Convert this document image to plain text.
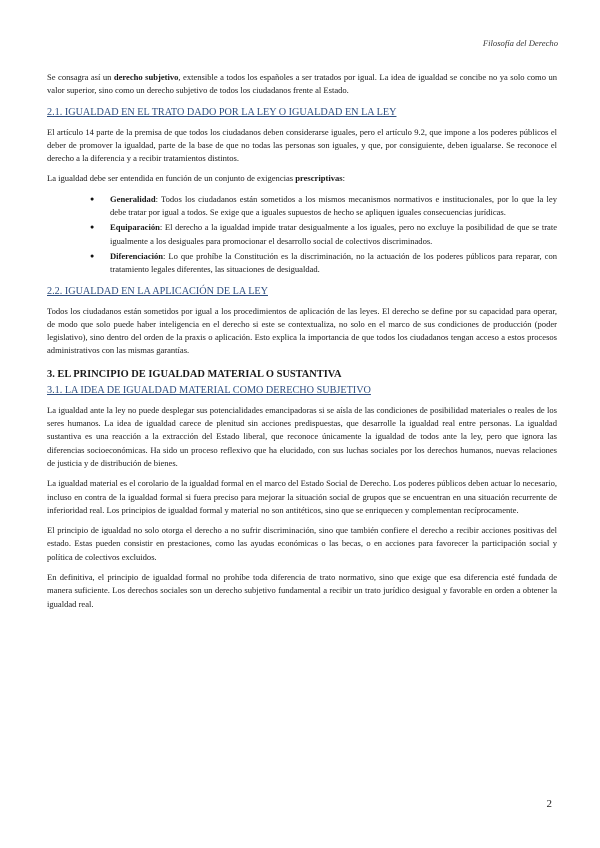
Filosofía del Derecho

Se consagra así un derecho subjetivo, extensible a todos los españoles a ser tratados por igual. La idea de igualdad se concibe no ya solo como un valor superior, sino como un derecho subjetivo de todos los ciudadanos frente al Estado.

2.1. IGUALDAD EN EL TRATO DADO POR LA LEY O IGUALDAD EN LA LEY

El artículo 14 parte de la premisa de que todos los ciudadanos deben considerarse iguales, pero el artículo 9.2, que impone a los poderes públicos el deber de promover la igualdad, parte de la base de que no todas las personas son iguales, y que, por consiguiente, deben igualarse. Se reconoce el derecho a la diferencia y a recibir tratamientos distintos.

La igualdad debe ser entendida en función de un conjunto de exigencias prescriptivas:

● Generalidad: Todos los ciudadanos están sometidos a los mismos mecanismos normativos e institucionales, por lo que la ley debe tratar por igual a todos. Se exige que a iguales supuestos de hecho se apliquen iguales consecuencias jurídicas.
● Equiparación: El derecho a la igualdad impide tratar desigualmente a los iguales, pero no excluye la posibilidad de que se trate igualmente a los desiguales para promocionar el desarrollo social de colectivos discriminados.
● Diferenciación: Lo que prohíbe la Constitución es la discriminación, no la actuación de los poderes públicos para reparar, con tratamiento legales diferentes, las situaciones de desigualdad.
2.2. IGUALDAD EN LA APLICACIÓN DE LA LEY

Todos los ciudadanos están sometidos por igual a los procedimientos de aplicación de las leyes. El derecho se define por su capacidad para operar, de modo que solo puede haber inteligencia en el derecho si este se contextualiza, no solo en el marco de sus condiciones de producción (poder legislativo), sino dentro del orden de la praxis o aplicación. Esto explica la importancia de que todos los ciudadanos tengan acceso a estos procesos administrativos con las mismas garantías.

3. EL PRINCIPIO DE IGUALDAD MATERIAL O SUSTANTIVA
3.1. LA IDEA DE IGUALDAD MATERIAL COMO DERECHO SUBJETIVO

La igualdad ante la ley no puede desplegar sus potencialidades emancipadoras si se aísla de las condiciones de posibilidad materiales o reales de los seres humanos. La idea de igualdad carece de plenitud sin acciones predispuestas, que desarrolle la igualdad real entre personas. La igualdad sustantiva es una reacción a la extracción del Estado liberal, que reconoce únicamente la igualdad de todos ante la ley, pero que ignora las diferencias socioeconómicas. Ha sido un proceso reflexivo que ha elucidado, con sus luchas sociales por los derechos humanos, nuevas relaciones de justicia y de distribución de bienes.

La igualdad material es el corolario de la igualdad formal en el marco del Estado Social de Derecho. Los poderes públicos deben actuar lo necesario, incluso en contra de la igualdad formal si fuera preciso para mejorar la situación social de grupos que se encuentran en una situación recurrente de inferioridad real. Los principios de igualdad formal y material no son antitéticos, sino que se enriquecen y complementan recíprocamente.

El principio de igualdad no solo otorga el derecho a no sufrir discriminación, sino que también confiere el derecho a recibir acciones positivas del estado. Estas pueden consistir en prestaciones, como las ayudas económicas o las becas, o en acciones para favorecer la participación social y política de colectivos excluidos.

En definitiva, el principio de igualdad formal no prohíbe toda diferencia de trato normativo, sino que exige que esa diferencia esté fundada de manera suficiente. Los derechos sociales son un derecho subjetivo fundamental a recibir un trato jurídico desigual y favorable en orden a obtener la igualdad real.

2
